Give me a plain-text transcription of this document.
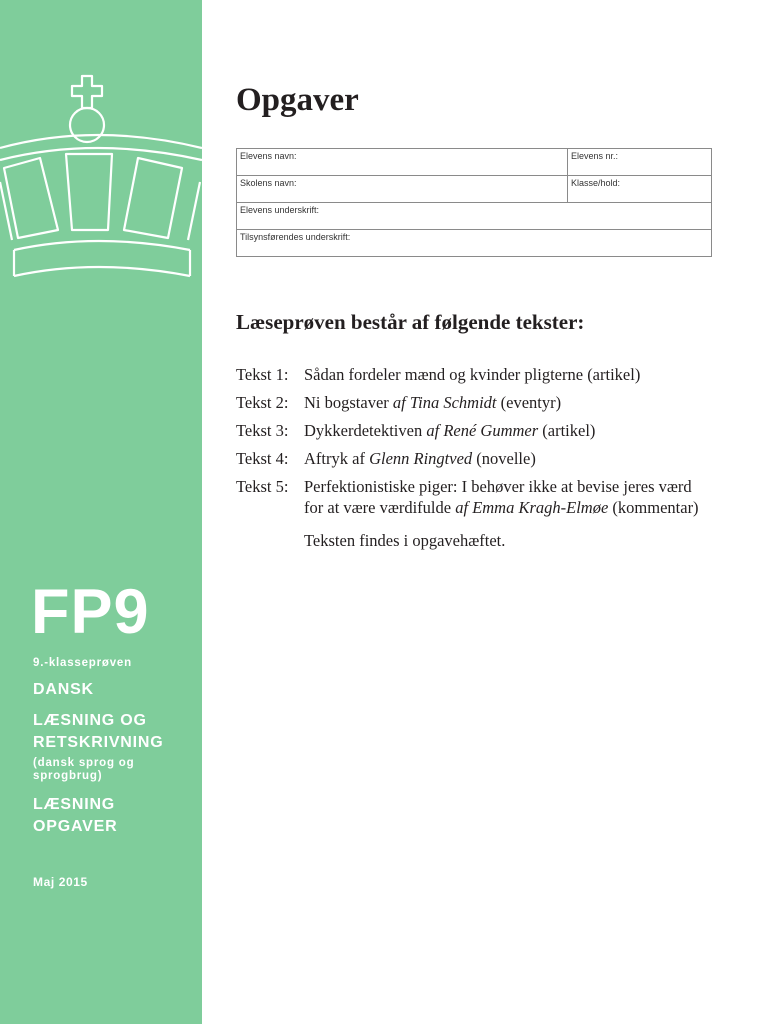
FP9
9.-klasseprøven
DANSK
LÆSNING OG RETSKRIVNING
(dansk sprog og sprogbrug)
LÆSNING OPGAVER
Maj 2015
Opgaver
Elevens navn:	Elevens nr.:
Skolens navn:	Klasse/hold:
Elevens underskrift:	
Tilsynsførendes underskrift:	
Læseprøven består af følgende tekster:
Tekst 1: Sådan fordeler mænd og kvinder pligterne (artikel)
Tekst 2: Ni bogstaver af Tina Schmidt (eventyr)
Tekst 3: Dykkerdetektiven af René Gummer (artikel)
Tekst 4: Aftryk af Glenn Ringtved (novelle)
Tekst 5: Perfektionistiske piger: I behøver ikke at bevise jeres værd for at være værdifulde af Emma Kragh-Elmøe (kommentar)
Teksten findes i opgavehæftet.
